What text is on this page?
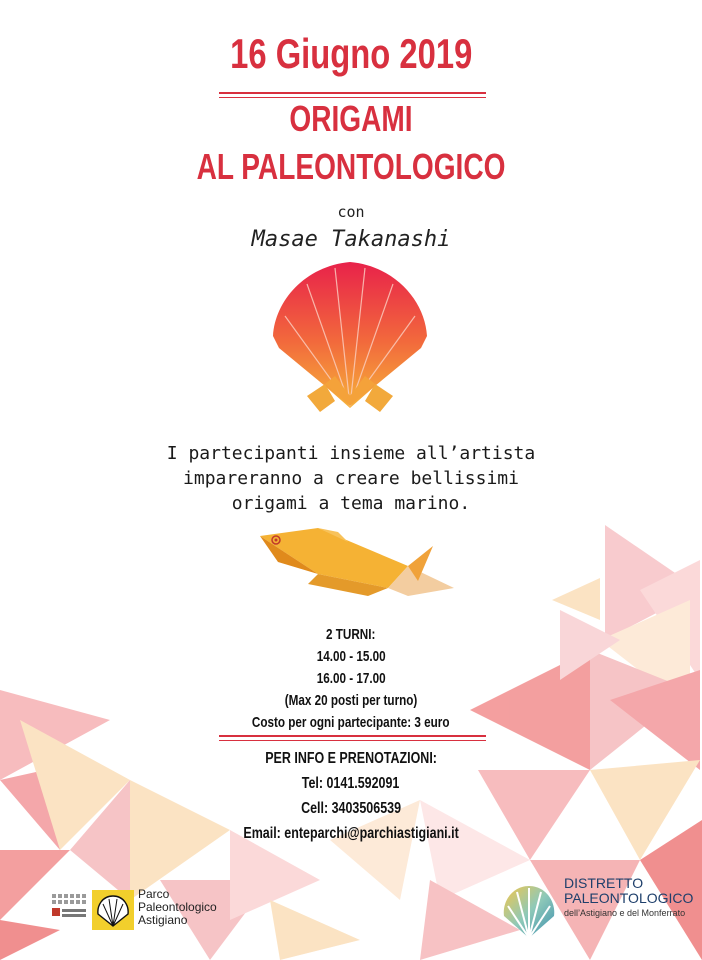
16 Giugno 2019
ORIGAMI
AL PALEONTOLOGICO
con
Masae Takanashi
I partecipanti insieme all’artista
impareranno a creare bellissimi
origami a tema marino.
2 TURNI:
14.00 - 15.00
16.00 - 17.00
(Max 20 posti per turno)
Costo per ogni partecipante: 3 euro
PER INFO E PRENOTAZIONI:
Tel: 0141.592091
Cell: 3403506539
Email: enteparchi@parchiastigiani.it
Parco
Paleontologico
Astigiano
DISTRETTO
PALEONTOLOGICO
dell’Astigiano e del Monferrato
